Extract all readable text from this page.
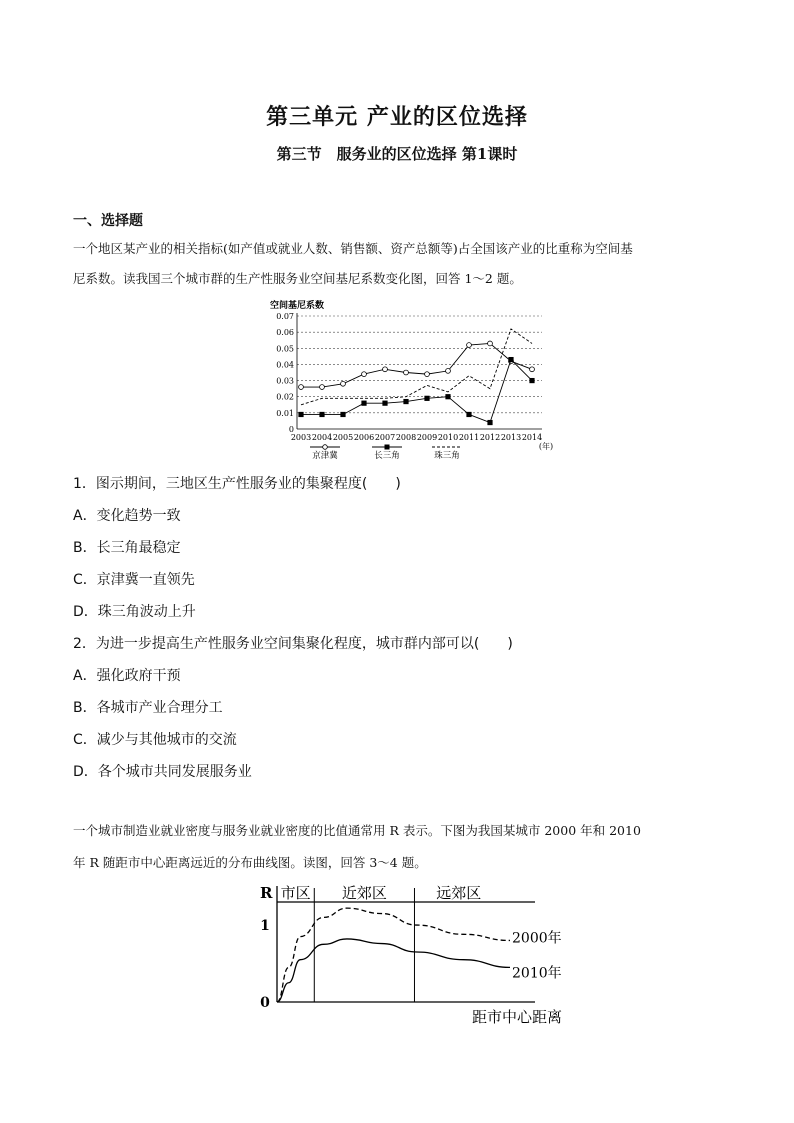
第三单元 产业的区位选择
第三节　服务业的区位选择 第1课时
一、选择题
一个地区某产业的相关指标(如产值或就业人数、销售额、资产总额等)占全国该产业的比重称为空间基
尼系数。读我国三个城市群的生产性服务业空间基尼系数变化图，回答 1～2 题。
空间基尼系数
0
0.01
0.02
0.03
0.04
0.05
0.06
0.07
2003 2004 2005 2006 2007 2008 2009 2010 2011 2012 2013 2014
(年)
京津冀	长三角	珠三角
1．图示期间，三地区生产性服务业的集聚程度(　　)
A．变化趋势一致
B．长三角最稳定
C．京津冀一直领先
D．珠三角波动上升
2．为进一步提高生产性服务业空间集聚化程度，城市群内部可以(　　)
A．强化政府干预
B．各城市产业合理分工
C．减少与其他城市的交流
D．各个城市共同发展服务业
一个城市制造业就业密度与服务业就业密度的比值通常用 R 表示。下图为我国某城市 2000 年和 2010
年 R 随距市中心距离远近的分布曲线图。读图，回答 3～4 题。
市区 近郊区	远郊区
R
0
1
距市中心距离
2000年
2010年
